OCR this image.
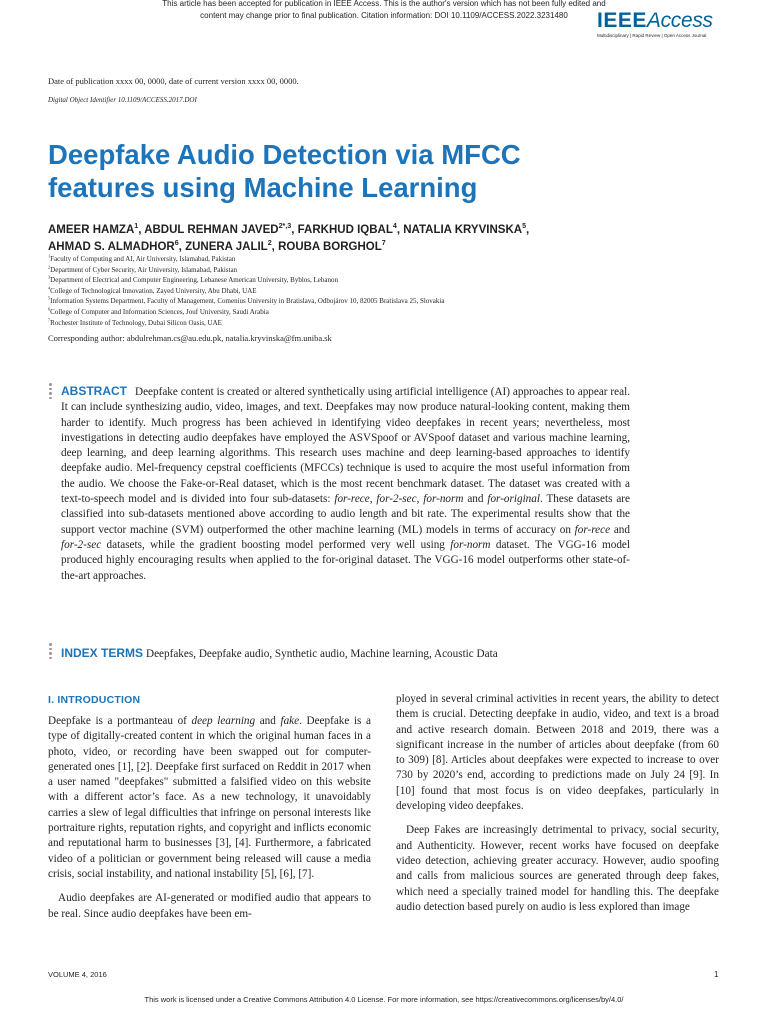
This article has been accepted for publication in IEEE Access. This is the author's version which has not been fully edited and
content may change prior to final publication. Citation information: DOI 10.1109/ACCESS.2022.3231480	IEEEAccess
Multidisciplinary | Rapid Review | Open Access Journal
Date of publication xxxx 00, 0000, date of current version xxxx 00, 0000.
Digital Object Identifier 10.1109/ACCESS.2017.DOI
Deepfake Audio Detection via MFCC
features using Machine Learning
AMEER HAMZA$^1$, ABDUL REHMAN $JAVED^{2*,3}$, FARKHUD IQBAL$^4$, NATALIA KRYVINSKA$^5$,
AHMAD S. ALMADHOR$^6$, ZUNERA JALIL$^2$, ROUBA BORGHOL$^7$
$^1$Faculty of Computing and AI, Air University, Islamabad, Pakistan
$^2$Department of Cyber Security, Air University, Islamabad, Pakistan
$^3$Department of Electrical and Computer Engineering, Lebanese American University, Byblos, Lebanon
$^4$College of Technological Innovation, Zayed University, Abu Dhabi, UAE
$^5$Information Systems Department, Faculty of Management, Comenius University in Bratislava, Odbojárov 10, 82005 Bratislava 25, Slovakia
$^6$College of Computer and Information Sciences, Jouf University, Saudi Arabia
$^7$Rochester Institute of Technology, Dubai Silicon Oasis, UAE
Corresponding author: abdulrehman.cs@au.edu.pk, natalia.kryvinska@fm.uniba.sk
ABSTRACT Deepfake content is created or altered synthetically using artificial intelligence (AI) approaches to appear real. It can include synthesizing audio, video, images, and text. Deepfakes may now produce natural-looking content, making them harder to identify. Much progress has been achieved in identifying video deepfakes in recent years; nevertheless, most investigations in detecting audio deepfakes have employed the ASVSpoof or AVSpoof dataset and various machine learning, deep learning, and deep learning algorithms. This research uses machine and deep learning-based approaches to identify deepfake audio. Mel-frequency cepstral coefficients (MFCCs) technique is used to acquire the most useful information from the audio. We choose the Fake-or-Real dataset, which is the most recent benchmark dataset. The dataset was created with a text-to-speech model and is divided into four sub-datasets: for-rece, for-2-sec, for-norm and for-original. These datasets are classified into sub-datasets mentioned above according to audio length and bit rate. The experimental results show that the support vector machine (SVM) outperformed the other machine learning (ML) models in terms of accuracy on for-rece and for-2-sec datasets, while the gradient boosting model performed very well using for-norm dataset. The VGG-16 model produced highly encouraging results when applied to the for-original dataset. The VGG-16 model outperforms other state-of-the-art approaches.
INDEX TERMS Deepfakes, Deepfake audio, Synthetic audio, Machine learning, Acoustic Data
I. INTRODUCTION

Deepfake is a portmanteau of deep learning and fake. Deepfake is a type of digitally-created content in which the original human faces in a photo, video, or recording have been swapped out for computer-generated ones [1], [2]. Deepfake first surfaced on Reddit in 2017 when a user named "deepfakes" submitted a falsified video on this website with a different actor’s face. As a new technology, it unavoidably carries a slew of legal difficulties that infringe on personal interests like portraiture rights, reputation rights, and copyright and inflicts economic and reputational harm to businesses [3], [4]. Furthermore, a fabricated video of a politician or government being released will cause a media crisis, social instability, and national instability [5], [6], [7].

Audio deepfakes are AI-generated or modified audio that appears to be real. Since audio deepfakes have been em-

ployed in several criminal activities in recent years, the ability to detect them is crucial. Detecting deepfake in audio, video, and text is a broad and active research domain. Between 2018 and 2019, there was a significant increase in the number of articles about deepfake (from 60 to 309) [8]. Articles about deepfakes were expected to increase to over 730 by 2020’s end, according to predictions made on July 24 [9]. In [10] found that most focus is on video deepfakes, particularly in developing video deepfakes.

Deep Fakes are increasingly detrimental to privacy, social security, and Authenticity. However, recent works have focused on deepfake video detection, achieving greater accuracy. However, audio spoofing and calls from malicious sources are generated through deep fakes, which need a specially trained model for handling this. The deepfake audio detection based purely on audio is less explored than image

VOLUME 4, 2016	1
This work is licensed under a Creative Commons Attribution 4.0 License. For more information, see https://creativecommons.org/licenses/by/4.0/
